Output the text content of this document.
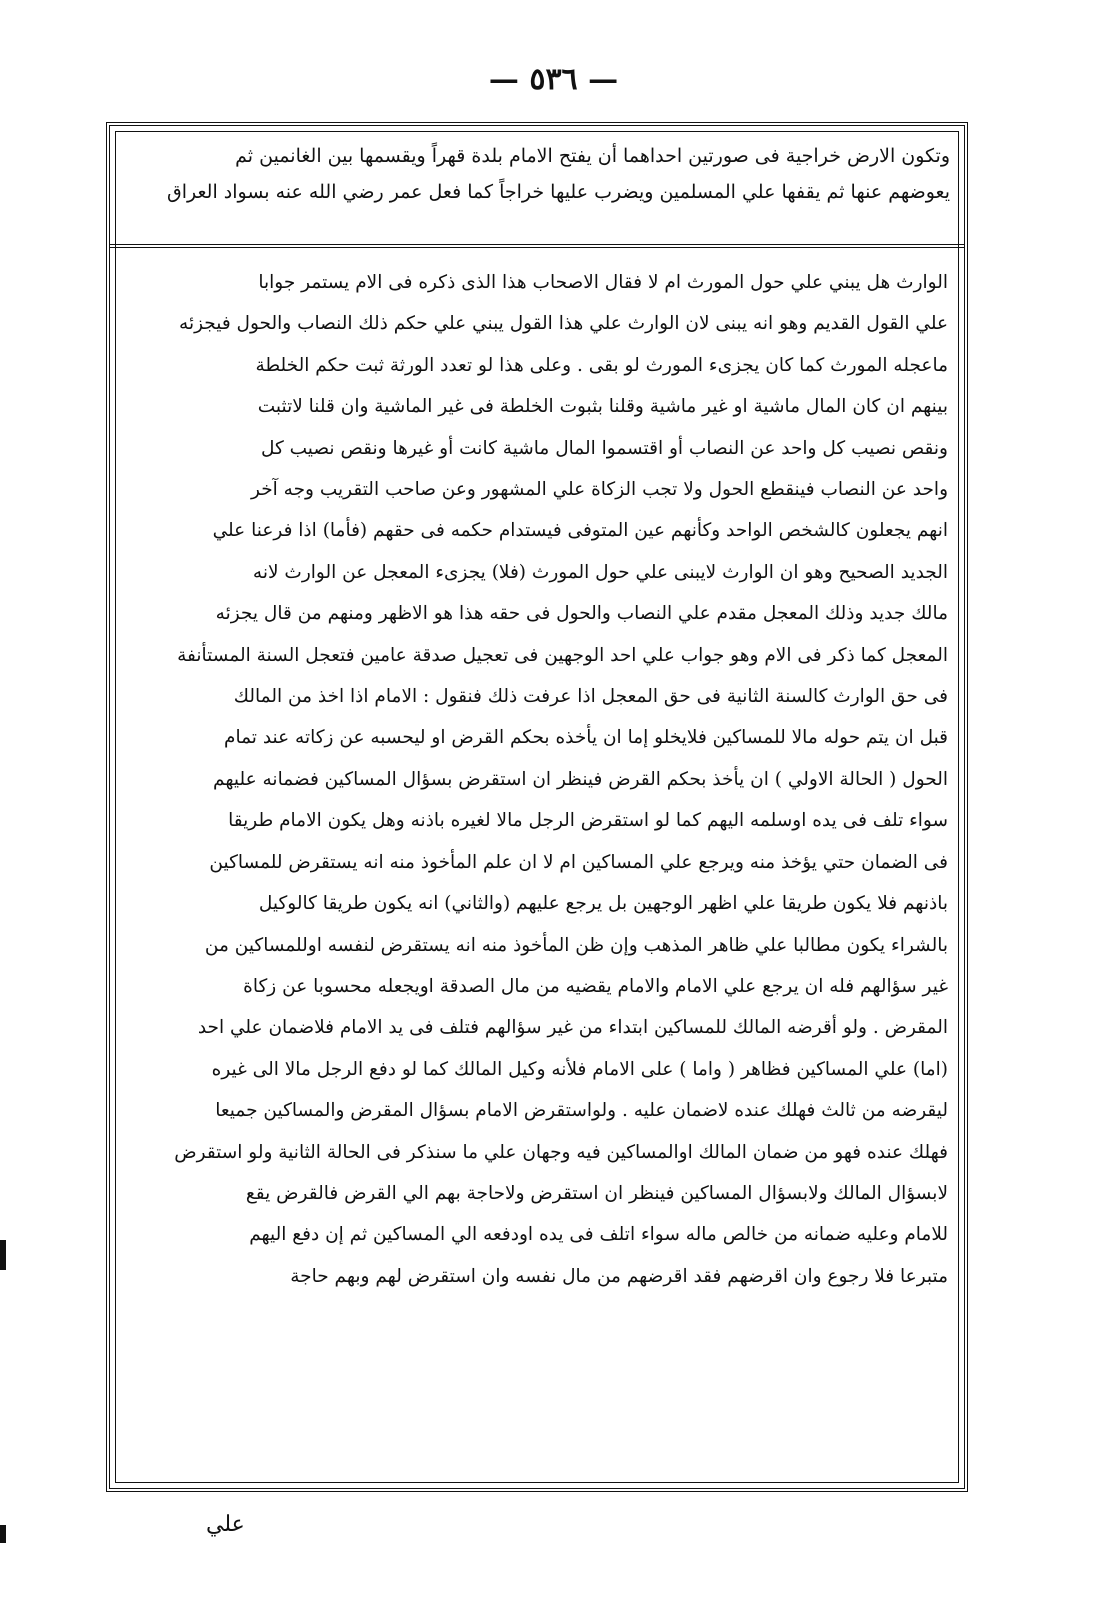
— ٥٣٦ —
وتكون الارض خراجية فى صورتين احداهما أن يفتح الامام بلدة قهراً ويقسمها بين الغانمين ثم
يعوضهم عنها ثم يقفها علي المسلمين ويضرب عليها خراجاً كما فعل عمر رضي الله عنه بسواد العراق
الوارث هل يبني علي حول المورث ام لا فقال الاصحاب هذا الذى ذكره فى الام يستمر جوابا
علي القول القديم وهو انه يبنى لان الوارث علي هذا القول يبني علي حكم ذلك النصاب والحول فيجزئه
ماعجله المورث كما كان يجزىء المورث لو بقى . وعلى هذا لو تعدد الورثة ثبت حكم الخلطة
بينهم ان كان المال ماشية او غير ماشية وقلنا بثبوت الخلطة فى غير الماشية وان قلنا لاتثبت
ونقص نصيب كل واحد عن النصاب أو اقتسموا المال ماشية كانت أو غيرها ونقص نصيب كل
واحد عن النصاب فينقطع الحول ولا تجب الزكاة علي المشهور وعن صاحب التقريب وجه آخر
انهم يجعلون كالشخص الواحد وكأنهم عين المتوفى فيستدام حكمه فى حقهم (فأما) اذا فرعنا علي
الجديد الصحيح وهو ان الوارث لايبنى علي حول المورث (فلا) يجزىء المعجل عن الوارث لانه
مالك جديد وذلك المعجل مقدم علي النصاب والحول فى حقه هذا هو الاظهر ومنهم من قال يجزئه
المعجل كما ذكر فى الام وهو جواب علي احد الوجهين فى تعجيل صدقة عامين فتعجل السنة المستأنفة
فى حق الوارث كالسنة الثانية فى حق المعجل اذا عرفت ذلك فنقول : الامام اذا اخذ من المالك
قبل ان يتم حوله مالا للمساكين فلايخلو إما ان يأخذه بحكم القرض او ليحسبه عن زكاته عند تمام
الحول ( الحالة الاولي ) ان يأخذ بحكم القرض فينظر ان استقرض بسؤال المساكين فضمانه عليهم
سواء تلف فى يده اوسلمه اليهم كما لو استقرض الرجل مالا لغيره باذنه وهل يكون الامام طريقا
فى الضمان حتي يؤخذ منه ويرجع علي المساكين ام لا ان علم المأخوذ منه انه يستقرض للمساكين
باذنهم فلا يكون طريقا علي اظهر الوجهين بل يرجع عليهم (والثاني) انه يكون طريقا كالوكيل
بالشراء يكون مطالبا علي ظاهر المذهب وإن ظن المأخوذ منه انه يستقرض لنفسه اوللمساكين من
غير سؤالهم فله ان يرجع علي الامام والامام يقضيه من مال الصدقة اويجعله محسوبا عن زكاة
المقرض . ولو أقرضه المالك للمساكين ابتداء من غير سؤالهم فتلف فى يد الامام فلاضمان علي احد
(اما) علي المساكين فظاهر ( واما ) على الامام فلأنه وكيل المالك كما لو دفع الرجل مالا الى غيره
ليقرضه من ثالث فهلك عنده لاضمان عليه . ولواستقرض الامام بسؤال المقرض والمساكين جميعا
فهلك عنده فهو من ضمان المالك اوالمساكين فيه وجهان علي ما سنذكر فى الحالة الثانية ولو استقرض
لابسؤال المالك ولابسؤال المساكين فينظر ان استقرض ولاحاجة بهم الي القرض فالقرض يقع
للامام وعليه ضمانه من خالص ماله سواء اتلف فى يده اودفعه الي المساكين ثم إن دفع اليهم
متبرعا فلا رجوع وان اقرضهم فقد اقرضهم من مال نفسه وان استقرض لهم وبهم حاجة
علي
